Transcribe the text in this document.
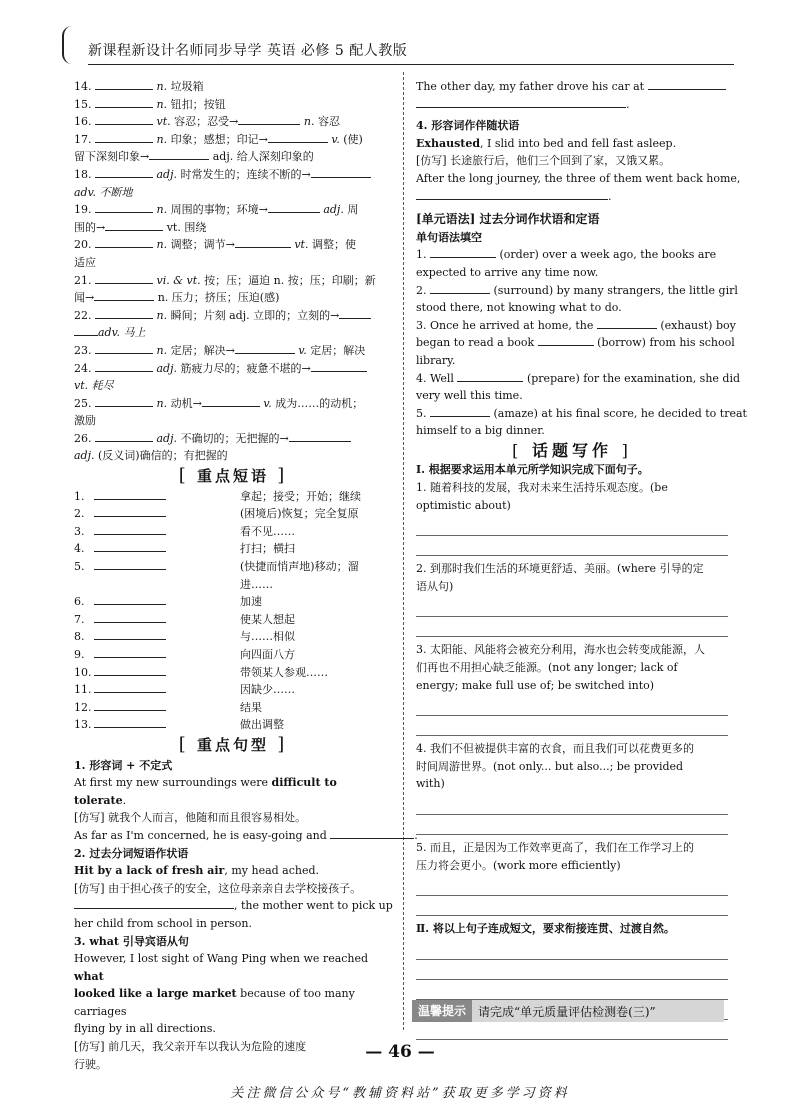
新课程新设计名师同步导学 英语 必修 5 配人教版
14.	n. 垃圾箱
15.	n. 钮扣；按钮
16.	vt. 容忍；忍受→	n. 容忍
17.	n. 印象；感想；印记→	v. (使)
留下深刻印象→	adj. 给人深刻印象的
18.	adj. 时常发生的；连续不断的→
adv. 不断地
19.	n. 周围的事物；环境→	adj. 周
围的→	vt. 围绕
20.	n. 调整；调节→	vt. 调整；使
适应
21.	vi. & vt. 按；压；逼迫 n. 按；压；印刷；新
闻→	n. 压力；挤压；压迫(感)
22.	n. 瞬间；片刻 adj. 立即的；立刻的→
adv. 马上
23.	n. 定居；解决→	v. 定居；解决
24.	adj. 筋疲力尽的；疲惫不堪的→
vt. 耗尽
25.	n. 动机→	v. 成为……的动机；
激励
26.	adj. 不确切的；无把握的→
adj. (反义词)确信的；有把握的
[ 重点短语 ]
1.	拿起；接受；开始；继续
2.	(困境后)恢复；完全复原
3.	看不见……
4.	打扫；横扫
5.	(快捷而悄声地)移动；溜
进……
6.	加速
7.	使某人想起
8.	与……相似
9.	向四面八方
10.	带领某人参观……
11.	因缺少……
12.	结果
13.	做出调整
[ 重点句型 ]
1. 形容词 + 不定式
At first my new surroundings were difficult to tolerate.
[仿写] 就我个人而言，他随和而且很容易相处。
As far as I'm concerned, he is easy-going and	.
2. 过去分词短语作状语
Hit by a lack of fresh air, my head ached.
[仿写] 由于担心孩子的安全，这位母亲亲自去学校接孩子。
, the mother went to pick up
her child from school in person.
3. what 引导宾语从句
However, I lost sight of Wang Ping when we reached what
looked like a large market because of too many carriages
flying by in all directions.
[仿写] 前几天，我父亲开车以我认为危险的速度
行驶。
The other day, my father drove his car at
.
4. 形容词作伴随状语
Exhausted, I slid into bed and fell fast asleep.
[仿写] 长途旅行后，他们三个回到了家，又饿又累。
After the long journey, the three of them went back home,
.
[单元语法] 过去分词作状语和定语
单句语法填空
1.	(order) over a week ago, the books are
expected to arrive any time now.
2.	(surround) by many strangers, the little girl
stood there, not knowing what to do.
3. Once he arrived at home, the	(exhaust) boy
began to read a book	(borrow) from his school
library.
4. Well	(prepare) for the examination, she did
very well this time.
5.	(amaze) at his final score, he decided to treat
himself to a big dinner.
[ 话题写作 ]
Ⅰ. 根据要求运用本单元所学知识完成下面句子。
1. 随着科技的发展，我对未来生活持乐观态度。(be
optimistic about)
2. 到那时我们生活的环境更舒适、美丽。(where 引导的定
语从句)
3. 太阳能、风能将会被充分利用，海水也会转变成能源，人
们再也不用担心缺乏能源。(not any longer; lack of
energy; make full use of; be switched into)
4. 我们不但被提供丰富的衣食，而且我们可以花费更多的
时间周游世界。(not only... but also...; be provided
with)
5. 而且，正是因为工作效率更高了，我们在工作学习上的
压力将会更小。(work more efficiently)
Ⅱ. 将以上句子连成短文，要求衔接连贯、过渡自然。
温馨提示	请完成“单元质量评估检测卷(三)”
— 46 —
关注微信公众号“教辅资料站”获取更多学习资料
